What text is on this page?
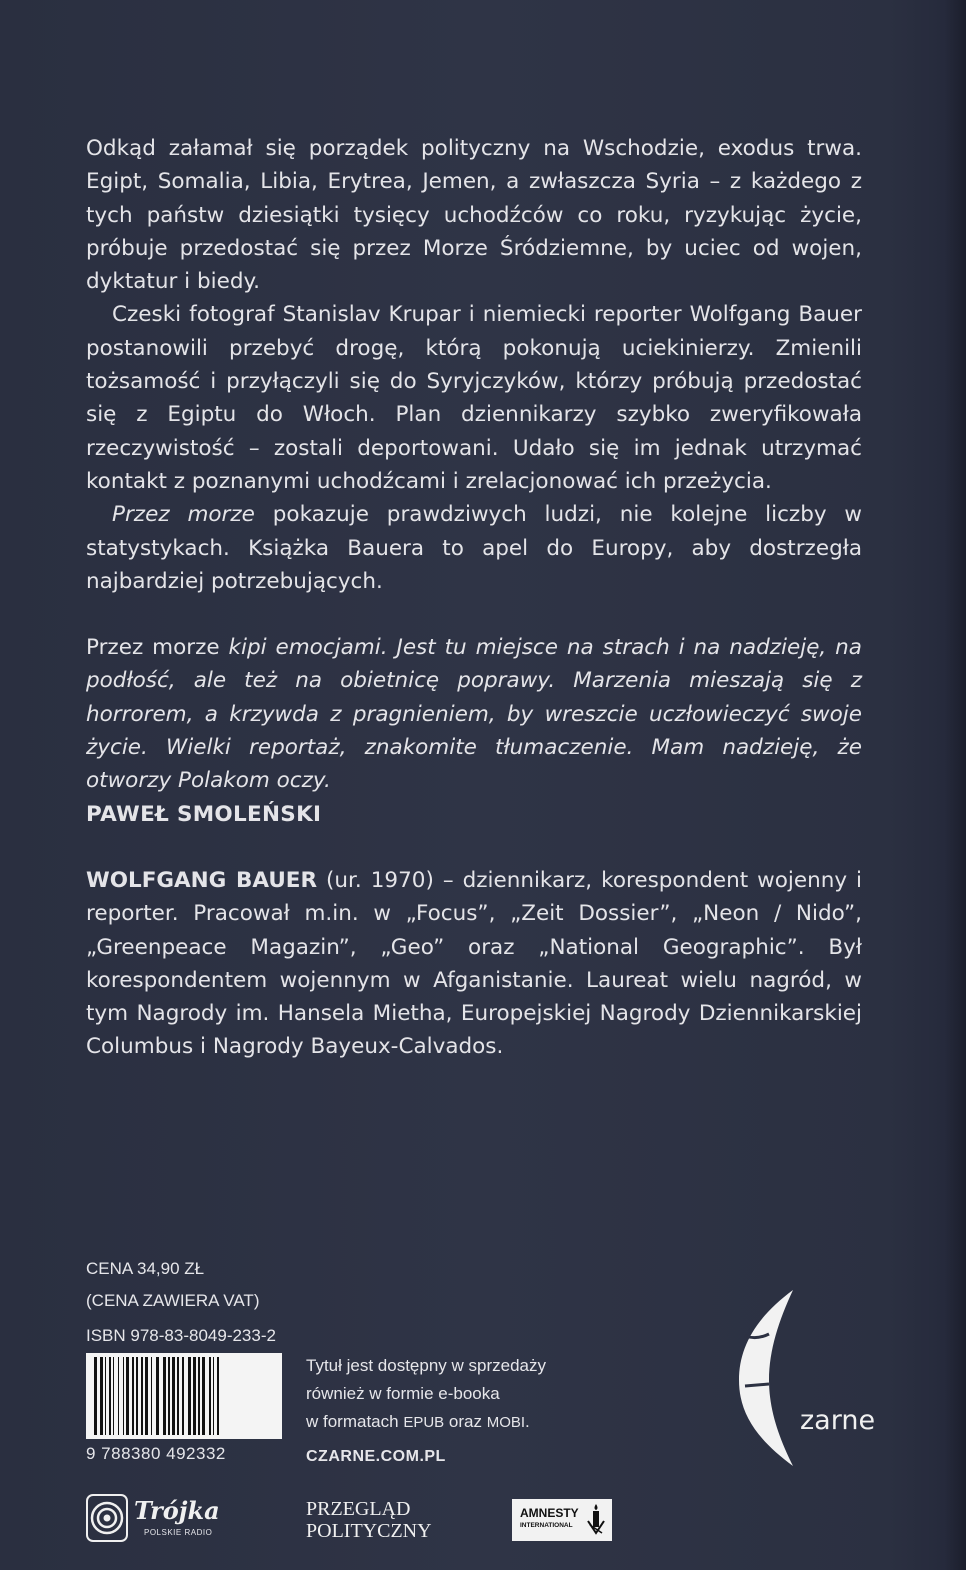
Odkąd załamał się porządek polityczny na Wschodzie, exodus trwa. Egipt, Somalia, Libia, Erytrea, Jemen, a zwłaszcza Syria – z każdego z tych państw dziesiątki tysięcy uchodźców co roku, ryzykując życie, próbuje przedostać się przez Morze Śródziemne, by uciec od wojen, dyktatur i biedy.

Czeski fotograf Stanislav Krupar i niemiecki reporter Wolfgang Bauer postanowili przebyć drogę, którą pokonują uciekinierzy. Zmienili tożsamość i przyłączyli się do Syryjczyków, którzy próbują przedostać się z Egiptu do Włoch. Plan dziennikarzy szybko zweryfikowała rzeczywistość – zostali deportowani. Udało się im jednak utrzymać kontakt z poznanymi uchodźcami i zrelacjonować ich przeżycia.

Przez morze pokazuje prawdziwych ludzi, nie kolejne liczby w statystykach. Książka Bauera to apel do Europy, aby dostrzegła najbardziej potrzebujących.

Przez morze kipi emocjami. Jest tu miejsce na strach i na nadzieję, na podłość, ale też na obietnicę poprawy. Marzenia mieszają się z horrorem, a krzywda z pragnieniem, by wreszcie uczłowieczyć swoje życie. Wielki reportaż, znakomite tłumaczenie. Mam nadzieję, że otworzy Polakom oczy.

PAWEŁ SMOLEŃSKI

WOLFGANG BAUER (ur. 1970) – dziennikarz, korespondent wojenny i reporter. Pracował m.in. w „Focus”, „Zeit Dossier”, „Neon / Nido”, „Greenpeace Magazin”, „Geo” oraz „National Geographic”. Był korespondentem wojennym w Afganistanie. Laureat wielu nagród, w tym Nagrody im. Hansela Mietha, Europejskiej Nagrody Dziennikarskiej Columbus i Nagrody Bayeux-Calvados.

CENA 34,90 ZŁ
(CENA ZAWIERA VAT)
ISBN 978-83-8049-233-2
9 788380 492332
Tytuł jest dostępny w sprzedaży
również w formie e-booka
w formatach EPUB oraz MOBI.
CZARNE.COM.PL
zarne
Trójka
POLSKIE RADIO
PRZEGLĄD
POLITYCZNY
AMNESTY
INTERNATIONAL
